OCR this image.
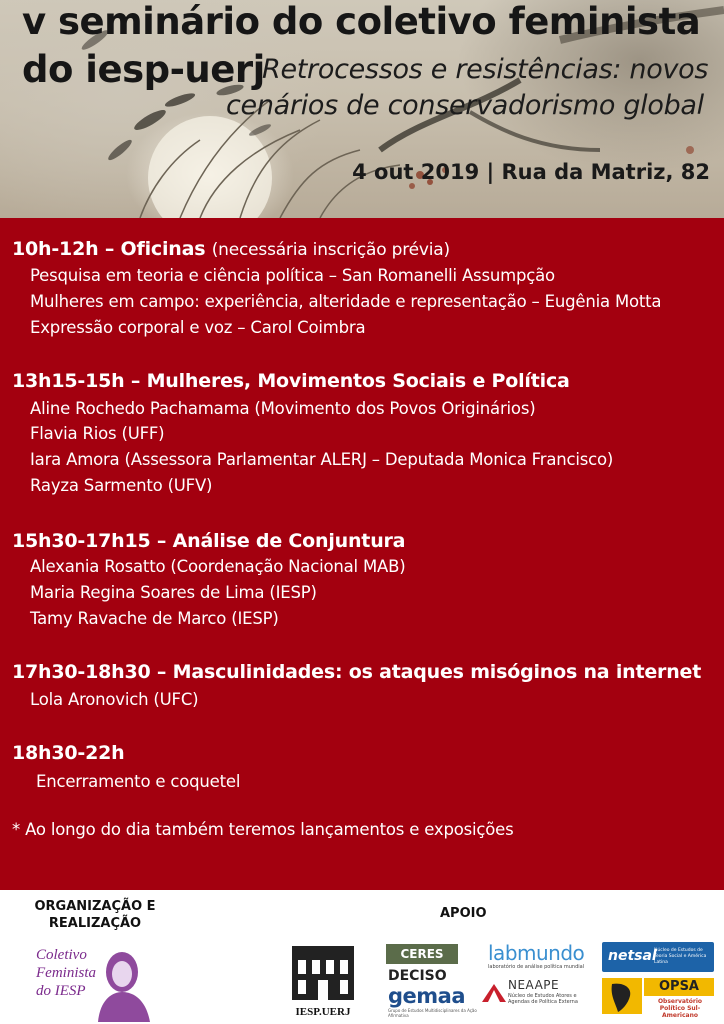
v seminário do coletivo feminista
do iesp-uerj
Retrocessos e resistências: novos
cenários de conservadorismo global
4 out 2019 | Rua da Matriz, 82
10h-12h – Oficinas (necessária inscrição prévia)
Pesquisa em teoria e ciência política – San Romanelli Assumpção
Mulheres em campo: experiência, alteridade e representação – Eugênia Motta
Expressão corporal e voz – Carol Coimbra
13h15-15h – Mulheres, Movimentos Sociais e Política
Aline Rochedo Pachamama (Movimento dos Povos Originários)
Flavia Rios (UFF)
Iara Amora (Assessora Parlamentar ALERJ – Deputada Monica Francisco)
Rayza Sarmento (UFV)
15h30-17h15 – Análise de Conjuntura
Alexania Rosatto (Coordenação Nacional MAB)
Maria Regina Soares de Lima (IESP)
Tamy Ravache de Marco (IESP)
17h30-18h30 – Masculinidades: os ataques misóginos na internet
Lola Aronovich (UFC)
18h30-22h
Encerramento e coquetel
* Ao longo do dia também teremos lançamentos e exposições
ORGANIZAÇÃO E
REALIZAÇÃO
Coletivo
Feminista
do IESP
APOIO
IESP.UERJ
CERES
DECISO
gemaa
Grupo de Estudos Multidisciplinares da Ação Afirmativa
labmundo
laboratório de análise política mundial
NEAAPE
Núcleo de Estudos Atores e Agendas de Política Externa
netsal
Núcleo de Estudos de Teoria Social e América Latina
OPSA
Observatório Político Sul-Americano
